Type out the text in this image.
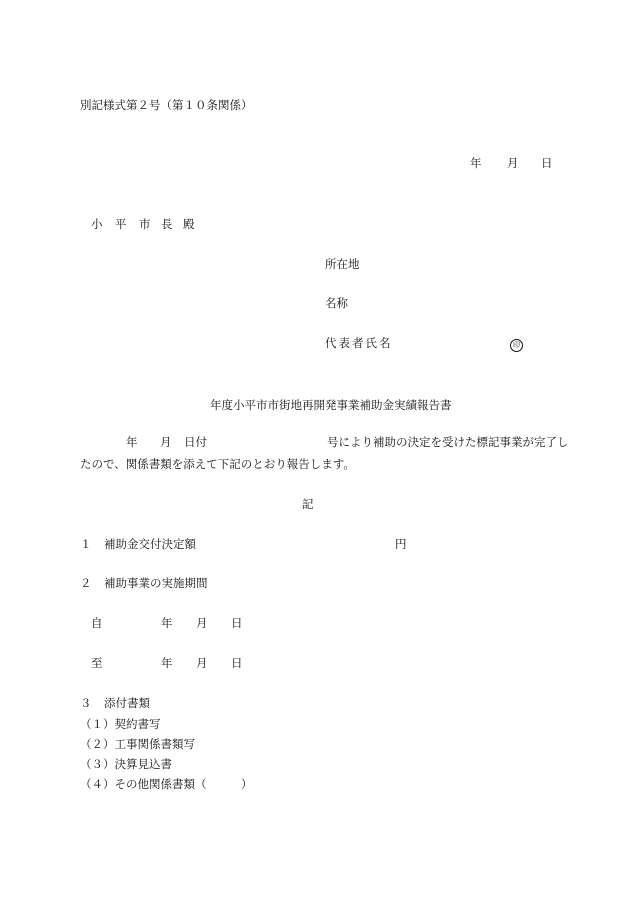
別記様式第２号（第１０条関係）
年 月 日
小 平 市 長 殿
所在地
名称
代表者氏名	印
年度小平市市街地再開発事業補助金実績報告書
年 月 日付	号により補助の決定を受けた標記事業が完了し
たので、関係書類を添えて下記のとおり報告します。
記
１ 補助金交付決定額	円
２ 補助事業の実施期間
自	年 月 日
至	年 月 日
３ 添付書類
（１）契約書写
（２）工事関係書類写
（３）決算見込書
（４）その他関係書類（　　　）
